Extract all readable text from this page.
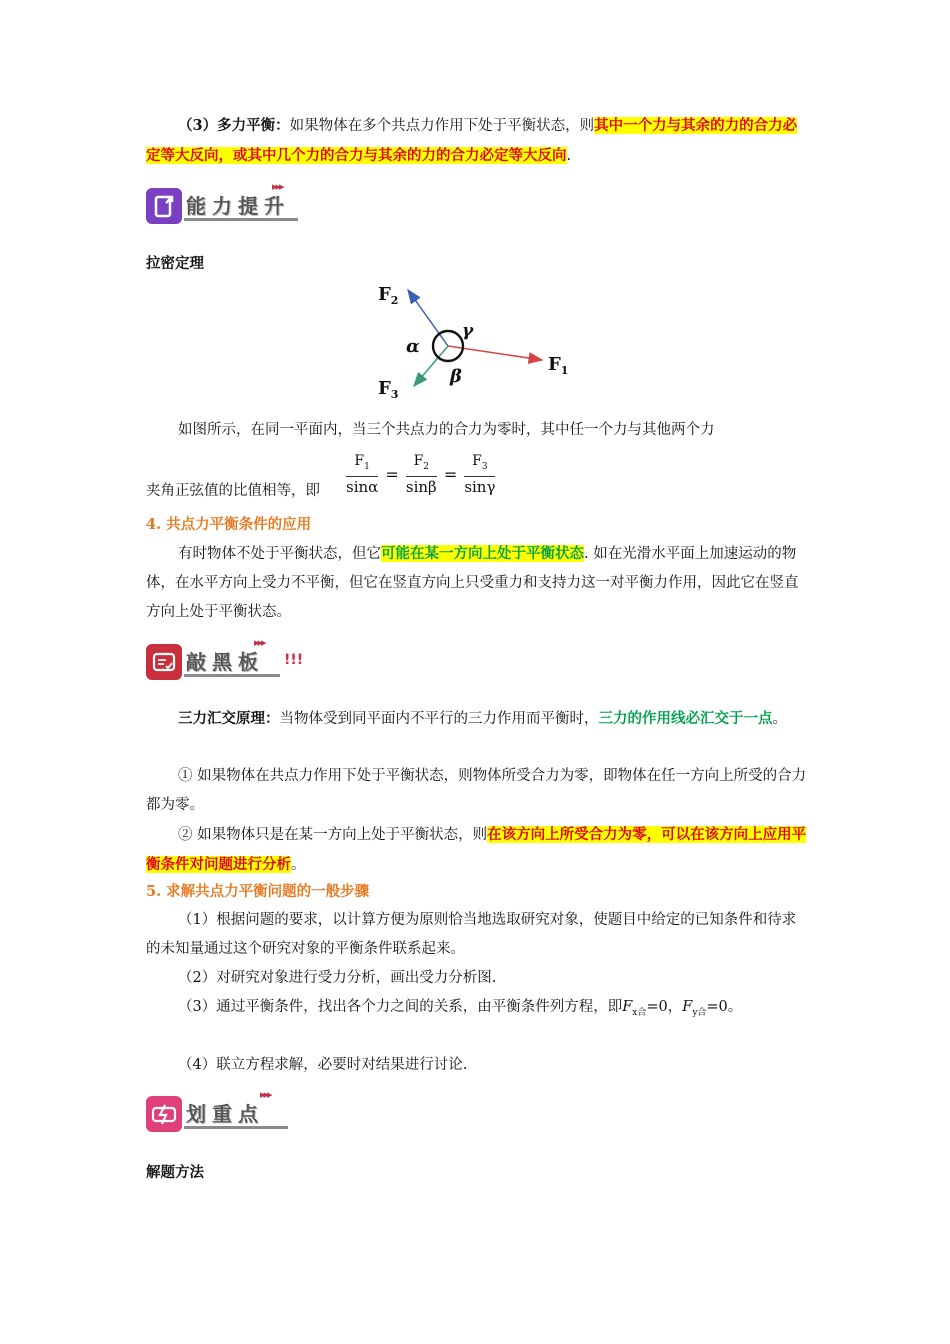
（3）多力平衡：如果物体在多个共点力作用下处于平衡状态，则其中一个力与其余的力的合力必定等大反向，或其中几个力的合力与其余的力的合力必定等大反向.

能力提升
▸▸▸

拉密定理

$F_2$
$F_1$
$F_3$
α
β
γ

如图所示，在同一平面内，当三个共点力的合力为零时，其中任一个力与其他两个力

夹角正弦值的比值相等，即 $\frac{F_1}{\sin\alpha} = \frac{F_2}{\sin\beta} = \frac{F_3}{\sin\gamma}$

4. 共点力平衡条件的应用

有时物体不处于平衡状态，但它可能在某一方向上处于平衡状态. 如在光滑水平面上加速运动的物体，在水平方向上受力不平衡，但它在竖直方向上只受重力和支持力这一对平衡力作用，因此它在竖直方向上处于平衡状态。

敲黑板
▸▸▸
!!!

三力汇交原理：当物体受到同平面内不平行的三力作用而平衡时，三力的作用线必汇交于一点。

① 如果物体在共点力作用下处于平衡状态，则物体所受合力为零，即物体在任一方向上所受的合力都为零。

② 如果物体只是在某一方向上处于平衡状态，则在该方向上所受合力为零，可以在该方向上应用平衡条件对问题进行分析。

5. 求解共点力平衡问题的一般步骤

（1）根据问题的要求，以计算方便为原则恰当地选取研究对象，使题目中给定的已知条件和待求的未知量通过这个研究对象的平衡条件联系起来。

（2）对研究对象进行受力分析，画出受力分析图.

（3）通过平衡条件，找出各个力之间的关系，由平衡条件列方程，即$F_{x合}=0$，$F_{y合}=0$。

（4）联立方程求解，必要时对结果进行讨论.

划重点
▸▸▸

解题方法
